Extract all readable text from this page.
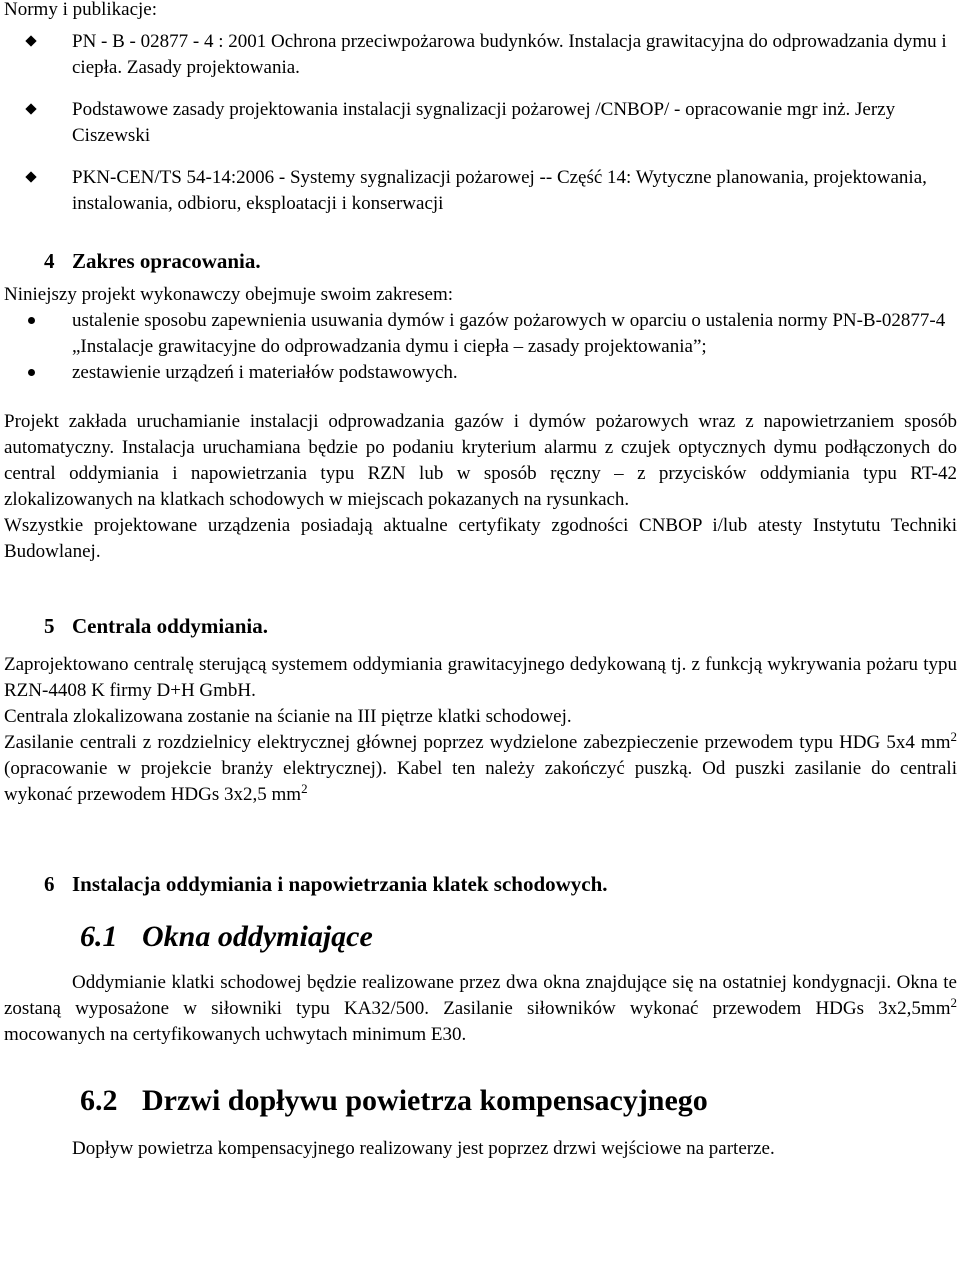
Normy i publikacje:

PN - B - 02877 - 4 : 2001 Ochrona przeciwpożarowa budynków. Instalacja grawitacyjna do odprowadzania dymu i ciepła. Zasady projektowania.
Podstawowe zasady projektowania instalacji sygnalizacji pożarowej /CNBOP/ - opracowanie mgr inż. Jerzy Ciszewski
PKN-CEN/TS 54-14:2006 - Systemy sygnalizacji pożarowej -- Część 14: Wytyczne planowania, projektowania, instalowania, odbioru, eksploatacji i konserwacji
4 Zakres opracowania.

Niniejszy projekt wykonawczy obejmuje swoim zakresem:

ustalenie sposobu zapewnienia usuwania dymów i gazów pożarowych w oparciu o ustalenia normy PN-B-02877-4 „Instalacje grawitacyjne do odprowadzania dymu i ciepła – zasady projektowania”;
zestawienie urządzeń i materiałów podstawowych.

Projekt zakłada uruchamianie instalacji odprowadzania gazów i dymów pożarowych wraz z napowietrzaniem sposób automatyczny. Instalacja uruchamiana będzie po podaniu kryterium alarmu z czujek optycznych dymu podłączonych do central oddymiania i napowietrzania typu RZN lub w sposób ręczny – z przycisków oddymiania typu RT-42 zlokalizowanych na klatkach schodowych w miejscach pokazanych na rysunkach.

Wszystkie projektowane urządzenia posiadają aktualne certyfikaty zgodności CNBOP i/lub atesty Instytutu Techniki Budowlanej.

5 Centrala oddymiania.

Zaprojektowano centralę sterującą systemem oddymiania grawitacyjnego dedykowaną tj. z funkcją wykrywania pożaru typu RZN-4408 K firmy D+H GmbH.

Centrala zlokalizowana zostanie na ścianie na III piętrze klatki schodowej.

Zasilanie centrali z rozdzielnicy elektrycznej głównej poprzez wydzielone zabezpieczenie przewodem typu HDG 5x4 $mm^2$ (opracowanie w projekcie branży elektrycznej). Kabel ten należy zakończyć puszką. Od puszki zasilanie do centrali wykonać przewodem HDGs 3x2,5 $mm^2$

6 Instalacja oddymiania i napowietrzania klatek schodowych.
6.1 Okna oddymiające

Oddymianie klatki schodowej będzie realizowane przez dwa okna znajdujące się na ostatniej kondygnacji. Okna te zostaną wyposażone w siłowniki typu KA32/500. Zasilanie siłowników wykonać przewodem HDGs $3x2,5mm^2$ mocowanych na certyfikowanych uchwytach minimum E30.

6.2 Drzwi dopływu powietrza kompensacyjnego

Dopływ powietrza kompensacyjnego realizowany jest poprzez drzwi wejściowe na parterze.
